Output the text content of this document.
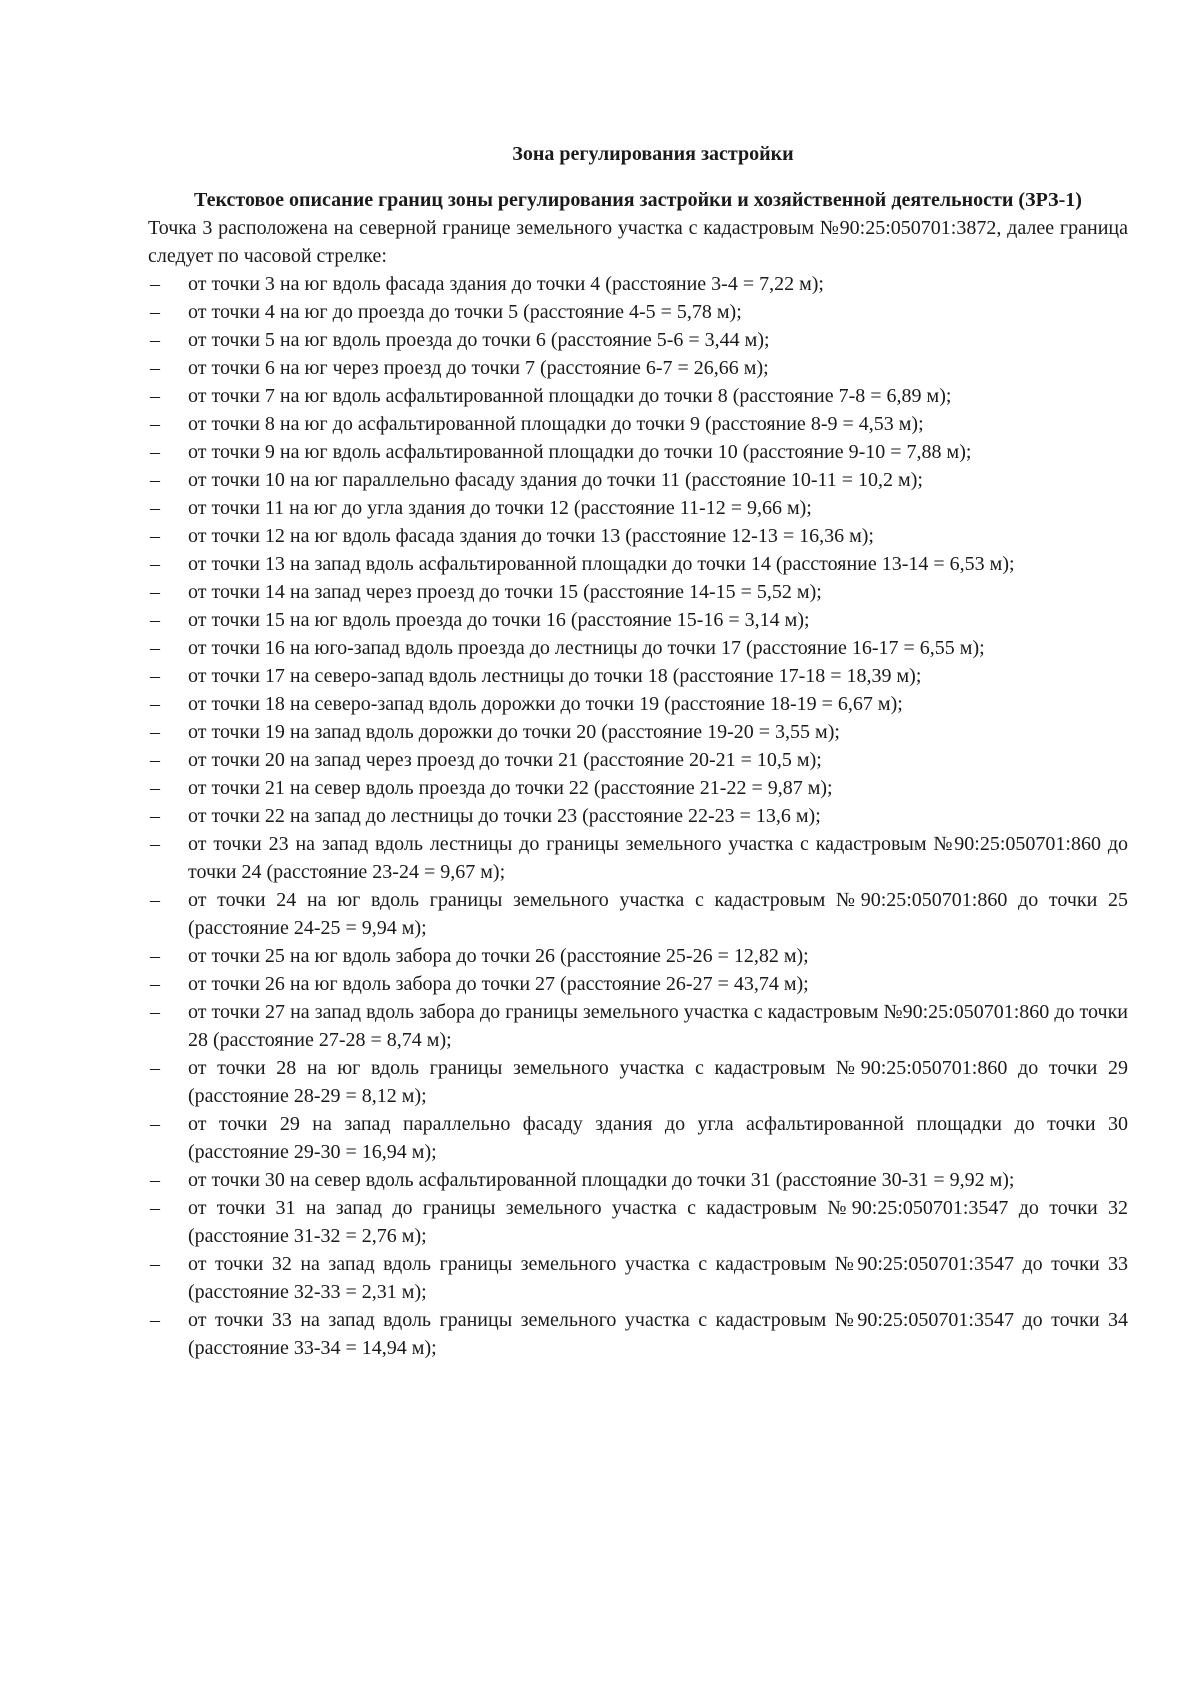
Зона регулирования застройки
Текстовое описание границ зоны регулирования застройки и хозяйственной деятельности (ЗРЗ-1)

Точка 3 расположена на северной границе земельного участка с кадастровым №90:25:050701:3872, далее граница следует по часовой стрелке:

– от точки 3 на юг вдоль фасада здания до точки 4 (расстояние 3-4 = 7,22 м);
– от точки 4 на юг до проезда до точки 5 (расстояние 4-5 = 5,78 м);
– от точки 5 на юг вдоль проезда до точки 6 (расстояние 5-6 = 3,44 м);
– от точки 6 на юг через проезд до точки 7 (расстояние 6-7 = 26,66 м);
– от точки 7 на юг вдоль асфальтированной площадки до точки 8 (расстояние 7-8 = 6,89 м);
– от точки 8 на юг до асфальтированной площадки до точки 9 (расстояние 8-9 = 4,53 м);
– от точки 9 на юг вдоль асфальтированной площадки до точки 10 (расстояние 9-10 = 7,88 м);
– от точки 10 на юг параллельно фасаду здания до точки 11 (расстояние 10-11 = 10,2 м);
– от точки 11 на юг до угла здания до точки 12 (расстояние 11-12 = 9,66 м);
– от точки 12 на юг вдоль фасада здания до точки 13 (расстояние 12-13 = 16,36 м);
– от точки 13 на запад вдоль асфальтированной площадки до точки 14 (расстояние 13-14 = 6,53 м);
– от точки 14 на запад через проезд до точки 15 (расстояние 14-15 = 5,52 м);
– от точки 15 на юг вдоль проезда до точки 16 (расстояние 15-16 = 3,14 м);
– от точки 16 на юго-запад вдоль проезда до лестницы до точки 17 (расстояние 16-17 = 6,55 м);
– от точки 17 на северо-запад вдоль лестницы до точки 18 (расстояние 17-18 = 18,39 м);
– от точки 18 на северо-запад вдоль дорожки до точки 19 (расстояние 18-19 = 6,67 м);
– от точки 19 на запад вдоль дорожки до точки 20 (расстояние 19-20 = 3,55 м);
– от точки 20 на запад через проезд до точки 21 (расстояние 20-21 = 10,5 м);
– от точки 21 на север вдоль проезда до точки 22 (расстояние 21-22 = 9,87 м);
– от точки 22 на запад до лестницы до точки 23 (расстояние 22-23 = 13,6 м);
– от точки 23 на запад вдоль лестницы до границы земельного участка с кадастровым №90:25:050701:860 до точки 24 (расстояние 23-24 = 9,67 м);
– от точки 24 на юг вдоль границы земельного участка с кадастровым №90:25:050701:860 до точки 25 (расстояние 24-25 = 9,94 м);
– от точки 25 на юг вдоль забора до точки 26 (расстояние 25-26 = 12,82 м);
– от точки 26 на юг вдоль забора до точки 27 (расстояние 26-27 = 43,74 м);
– от точки 27 на запад вдоль забора до границы земельного участка с кадастровым №90:25:050701:860 до точки 28 (расстояние 27-28 = 8,74 м);
– от точки 28 на юг вдоль границы земельного участка с кадастровым №90:25:050701:860 до точки 29 (расстояние 28-29 = 8,12 м);
– от точки 29 на запад параллельно фасаду здания до угла асфальтированной площадки до точки 30 (расстояние 29-30 = 16,94 м);
– от точки 30 на север вдоль асфальтированной площадки до точки 31 (расстояние 30-31 = 9,92 м);
– от точки 31 на запад до границы земельного участка с кадастровым №90:25:050701:3547 до точки 32 (расстояние 31-32 = 2,76 м);
– от точки 32 на запад вдоль границы земельного участка с кадастровым №90:25:050701:3547 до точки 33 (расстояние 32-33 = 2,31 м);
– от точки 33 на запад вдоль границы земельного участка с кадастровым №90:25:050701:3547 до точки 34 (расстояние 33-34 = 14,94 м);
